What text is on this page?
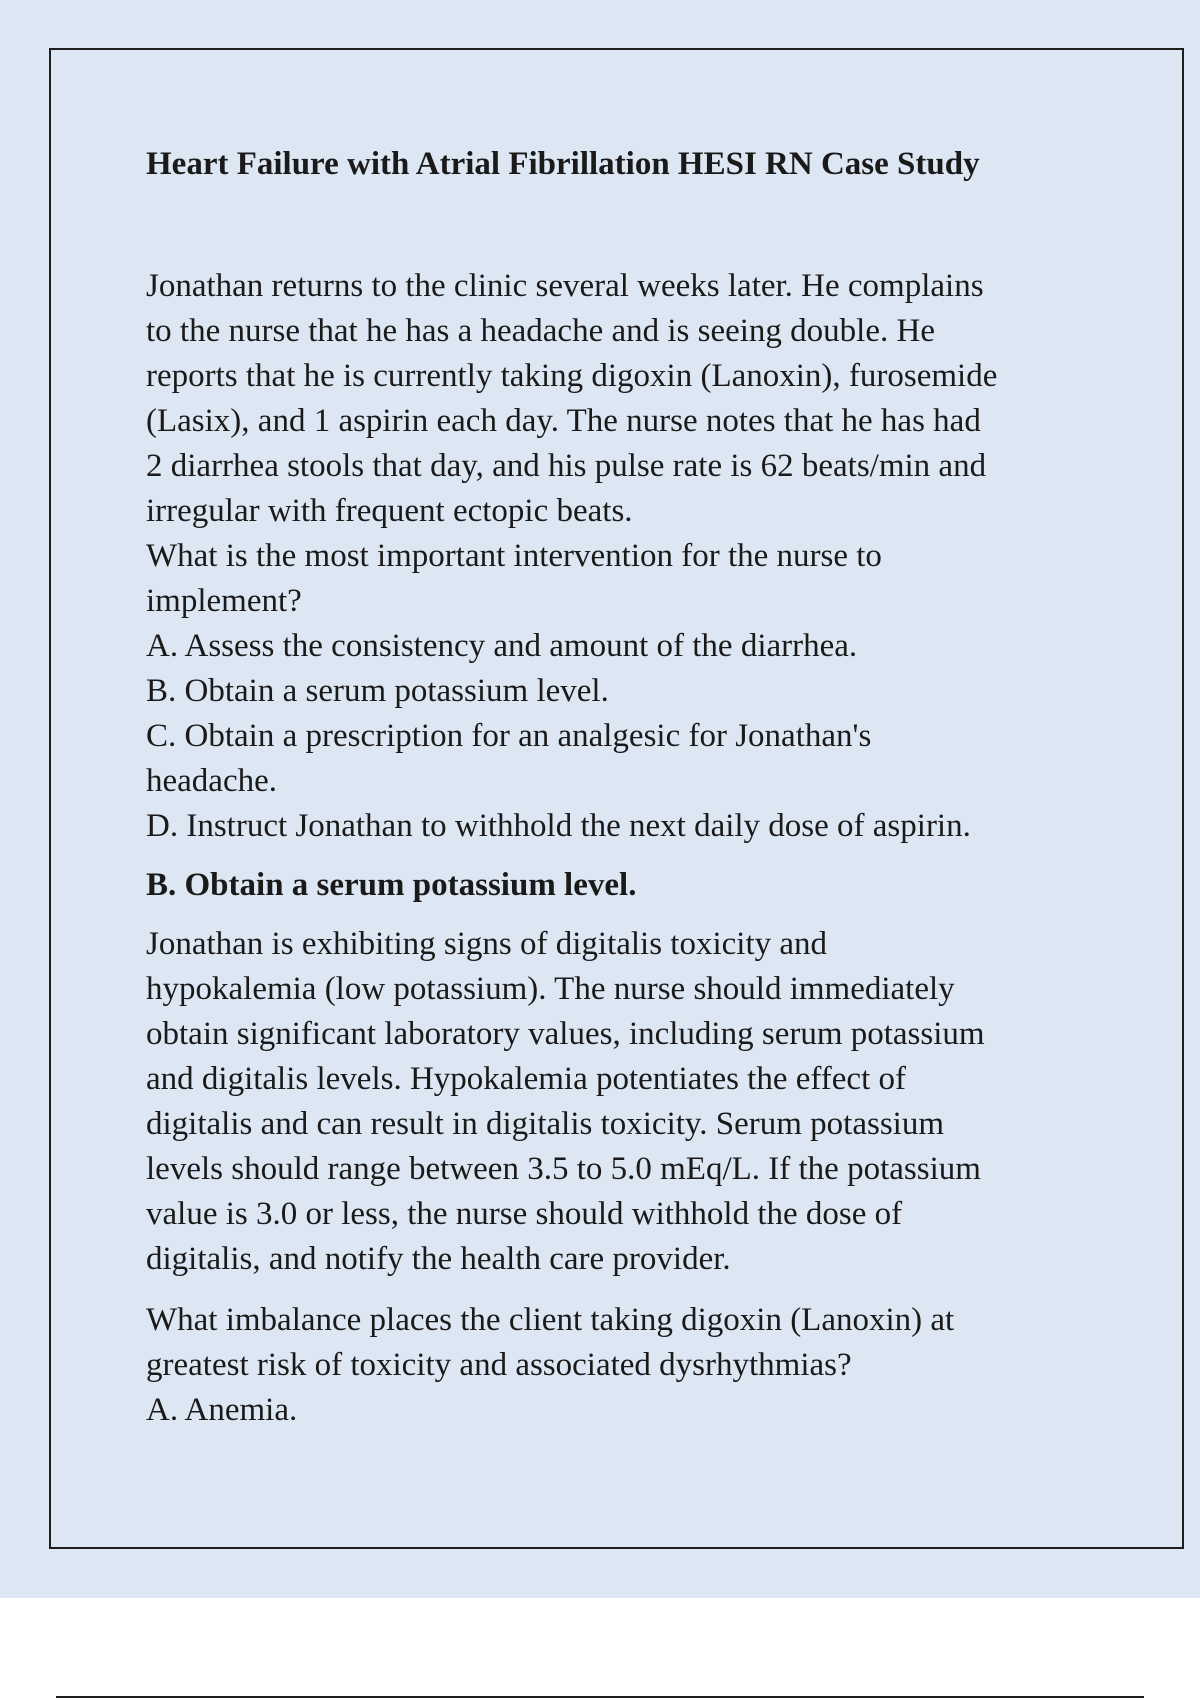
Heart Failure with Atrial Fibrillation HESI RN Case Study
Jonathan returns to the clinic several weeks later. He complains
to the nurse that he has a headache and is seeing double. He
reports that he is currently taking digoxin (Lanoxin), furosemide
(Lasix), and 1 aspirin each day. The nurse notes that he has had
2 diarrhea stools that day, and his pulse rate is 62 beats/min and
irregular with frequent ectopic beats.
What is the most important intervention for the nurse to
implement?
A. Assess the consistency and amount of the diarrhea.
B. Obtain a serum potassium level.
C. Obtain a prescription for an analgesic for Jonathan's
headache.
D. Instruct Jonathan to withhold the next daily dose of aspirin.
B. Obtain a serum potassium level.
Jonathan is exhibiting signs of digitalis toxicity and
hypokalemia (low potassium). The nurse should immediately
obtain significant laboratory values, including serum potassium
and digitalis levels. Hypokalemia potentiates the effect of
digitalis and can result in digitalis toxicity. Serum potassium
levels should range between 3.5 to 5.0 mEq/L. If the potassium
value is 3.0 or less, the nurse should withhold the dose of
digitalis, and notify the health care provider.
What imbalance places the client taking digoxin (Lanoxin) at
greatest risk of toxicity and associated dysrhythmias?
A. Anemia.
